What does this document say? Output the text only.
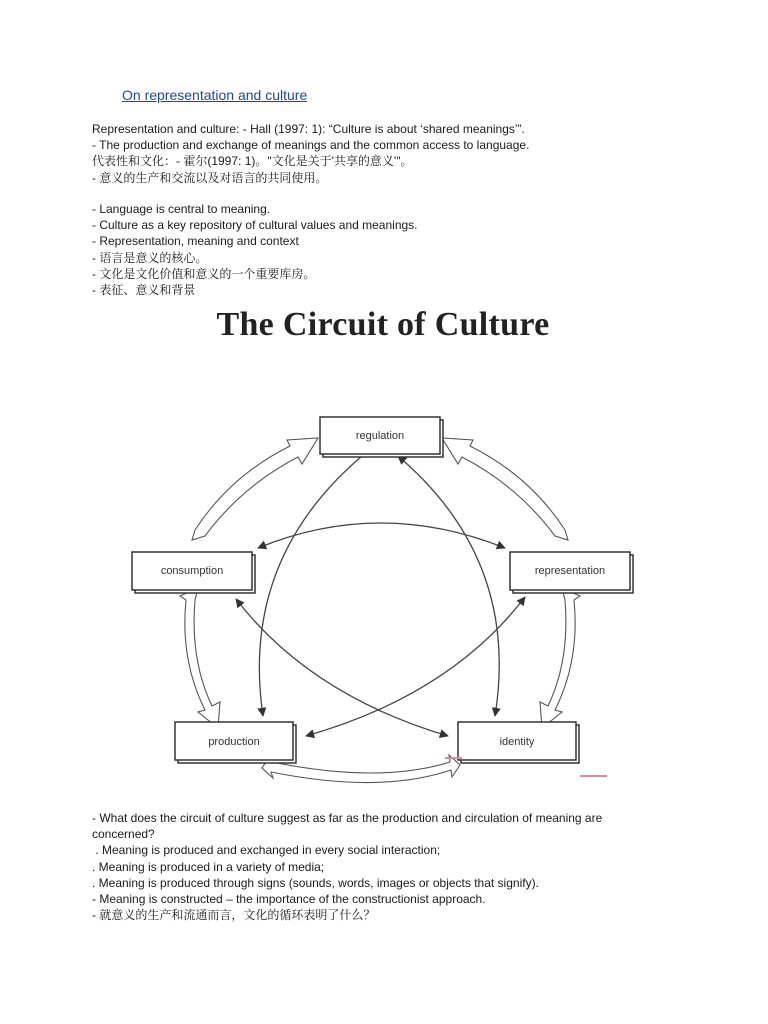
On representation and culture
Representation and culture: - Hall (1997: 1): “Culture is about ‘shared meanings’”.
- The production and exchange of meanings and the common access to language.
代表性和文化：- 霍尔(1997: 1)。"文化是关于'共享的意义'"。
- 意义的生产和交流以及对语言的共同使用。
- Language is central to meaning.
- Culture as a key repository of cultural values and meanings.
- Representation, meaning and context
- 语言是意义的核心。
- 文化是文化价值和意义的一个重要库房。
- 表征、意义和背景
The Circuit of Culture
regulation
consumption	representation
production	identity
- What does the circuit of culture suggest as far as the production and circulation of meaning are concerned?
. Meaning is produced and exchanged in every social interaction;
. Meaning is produced in a variety of media;
. Meaning is produced through signs (sounds, words, images or objects that signify).
- Meaning is constructed – the importance of the constructionist approach.
- 就意义的生产和流通而言，文化的循环表明了什么？
